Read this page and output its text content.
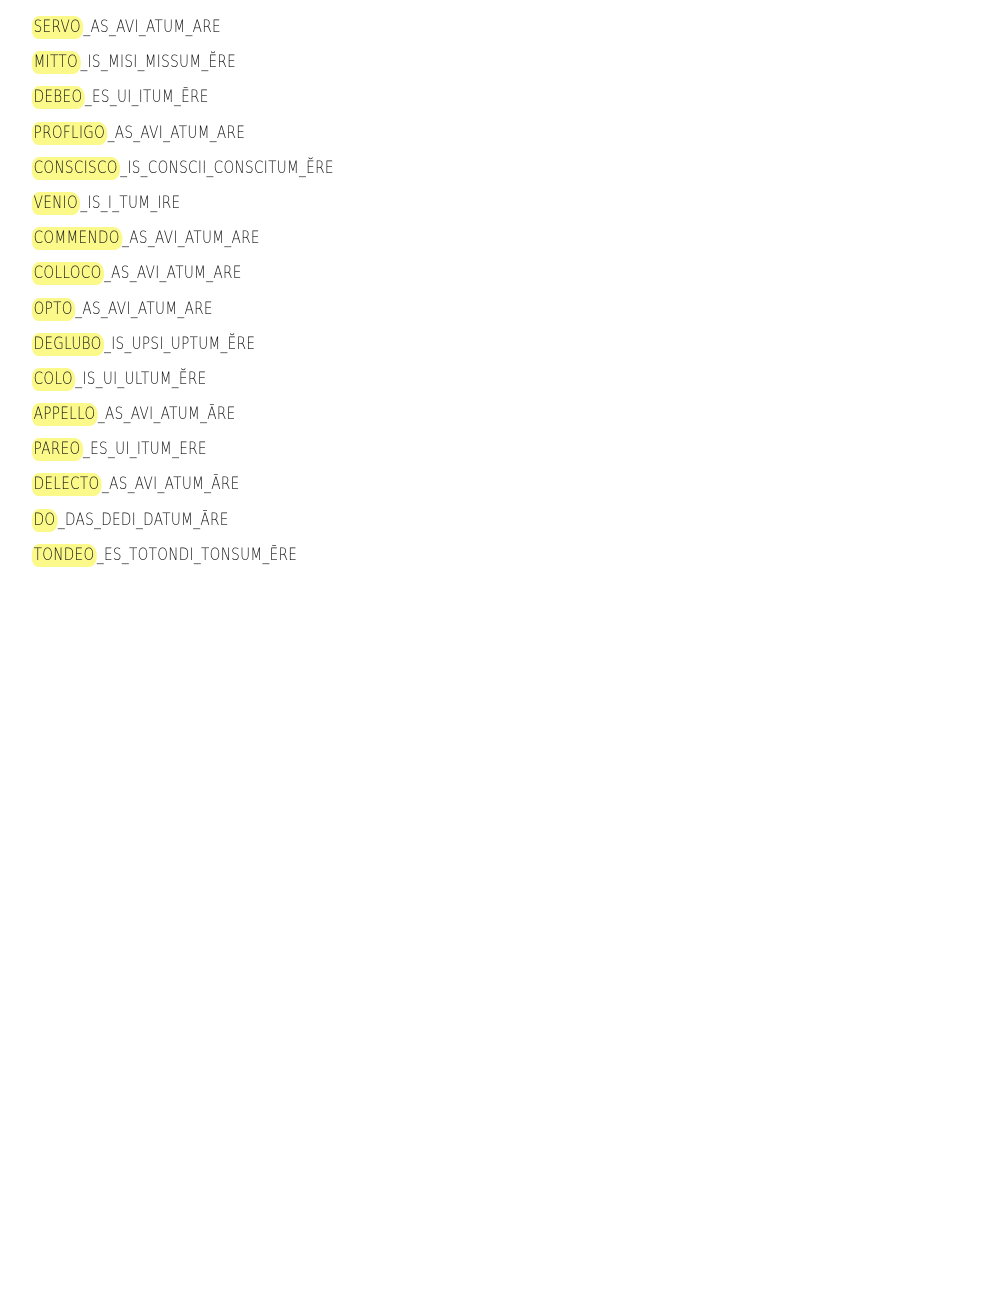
SERVO _AS_AVI_ATUM_ARE
MITTO _IS_MISI_MISSUM_ĔRE
DEBEO _ES_UI_ITUM_ĒRE
PROFLIGO _AS_AVI_ATUM_ARE
CONSCISCO _IS_CONSCII_CONSCITUM_ĔRE
VENIO _IS_I_TUM_IRE
COMMENDO _AS_AVI_ATUM_ARE
COLLOCO _AS_AVI_ATUM_ARE
OPTO _AS_AVI_ATUM_ARE
DEGLUBO _IS_UPSI_UPTUM_ĔRE
COLO _IS_UI_ULTUM_ĔRE
APPELLO _AS_AVI_ATUM_ĀRE
PAREO _ES_UI_ITUM_ERE
DELECTO _AS_AVI_ATUM_ĀRE
DO _DAS_DEDI_DATUM_ĀRE
TONDEO _ES_TOTONDI_TONSUM_ĒRE
